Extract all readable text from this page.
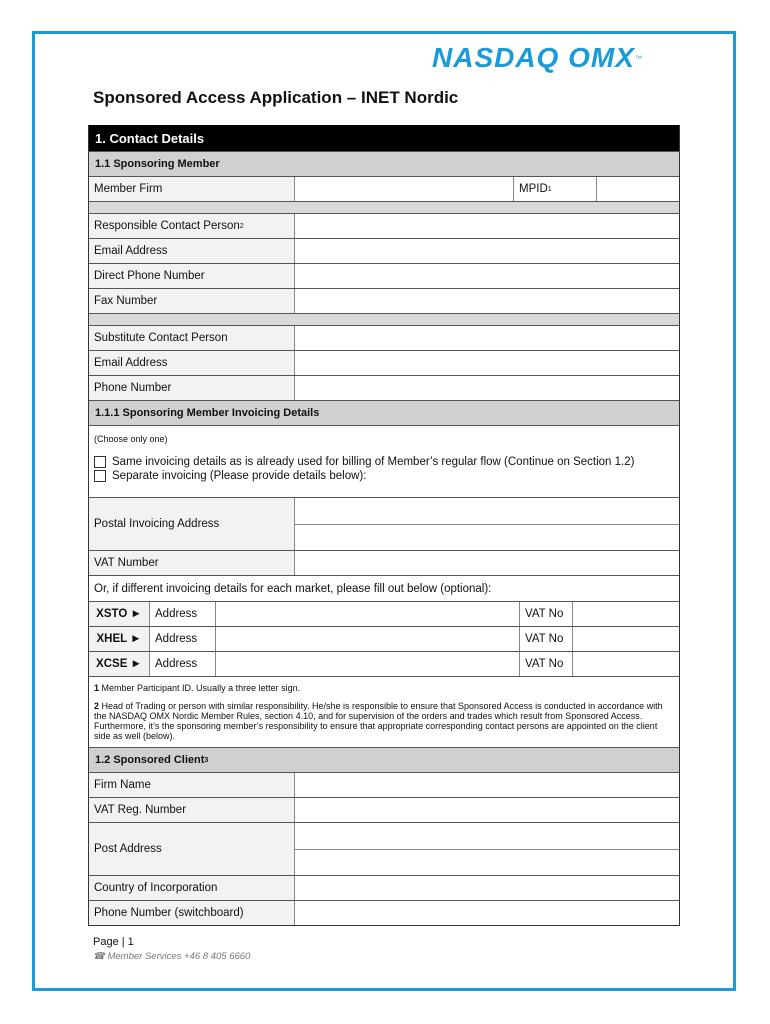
NASDAQ OMX™
Sponsored Access Application – INET Nordic
1. Contact Details
1.1 Sponsoring Member
Member Firm	MPID 1
Responsible Contact Person 2
Email Address
Direct Phone Number
Fax Number
Substitute Contact Person
Email Address
Phone Number
1.1.1 Sponsoring Member Invoicing Details
(Choose only one)
Same invoicing details as is already used for billing of Member’s regular flow (Continue on Section 1.2)
Separate invoicing (Please provide details below):
Postal Invoicing Address
VAT Number
Or, if different invoicing details for each market, please fill out below (optional):
XSTO ►	Address	VAT No
XHEL ►	Address	VAT No
XCSE ►	Address	VAT No
1 Member Participant ID. Usually a three letter sign.
2 Head of Trading or person with similar responsibility. He/she is responsible to ensure that Sponsored Access is conducted in accordance with the NASDAQ OMX Nordic Member Rules, section 4.10, and for supervision of the orders and trades which result from Sponsored Access. Furthermore, it’s the sponsoring member’s responsibility to ensure that appropriate corresponding contact persons are appointed on the client side as well (below).
1.2 Sponsored Client 3
Firm Name
VAT Reg. Number
Post Address
Country of Incorporation
Phone Number (switchboard)
Page | 1
☎ Member Services +46 8 405 6660
